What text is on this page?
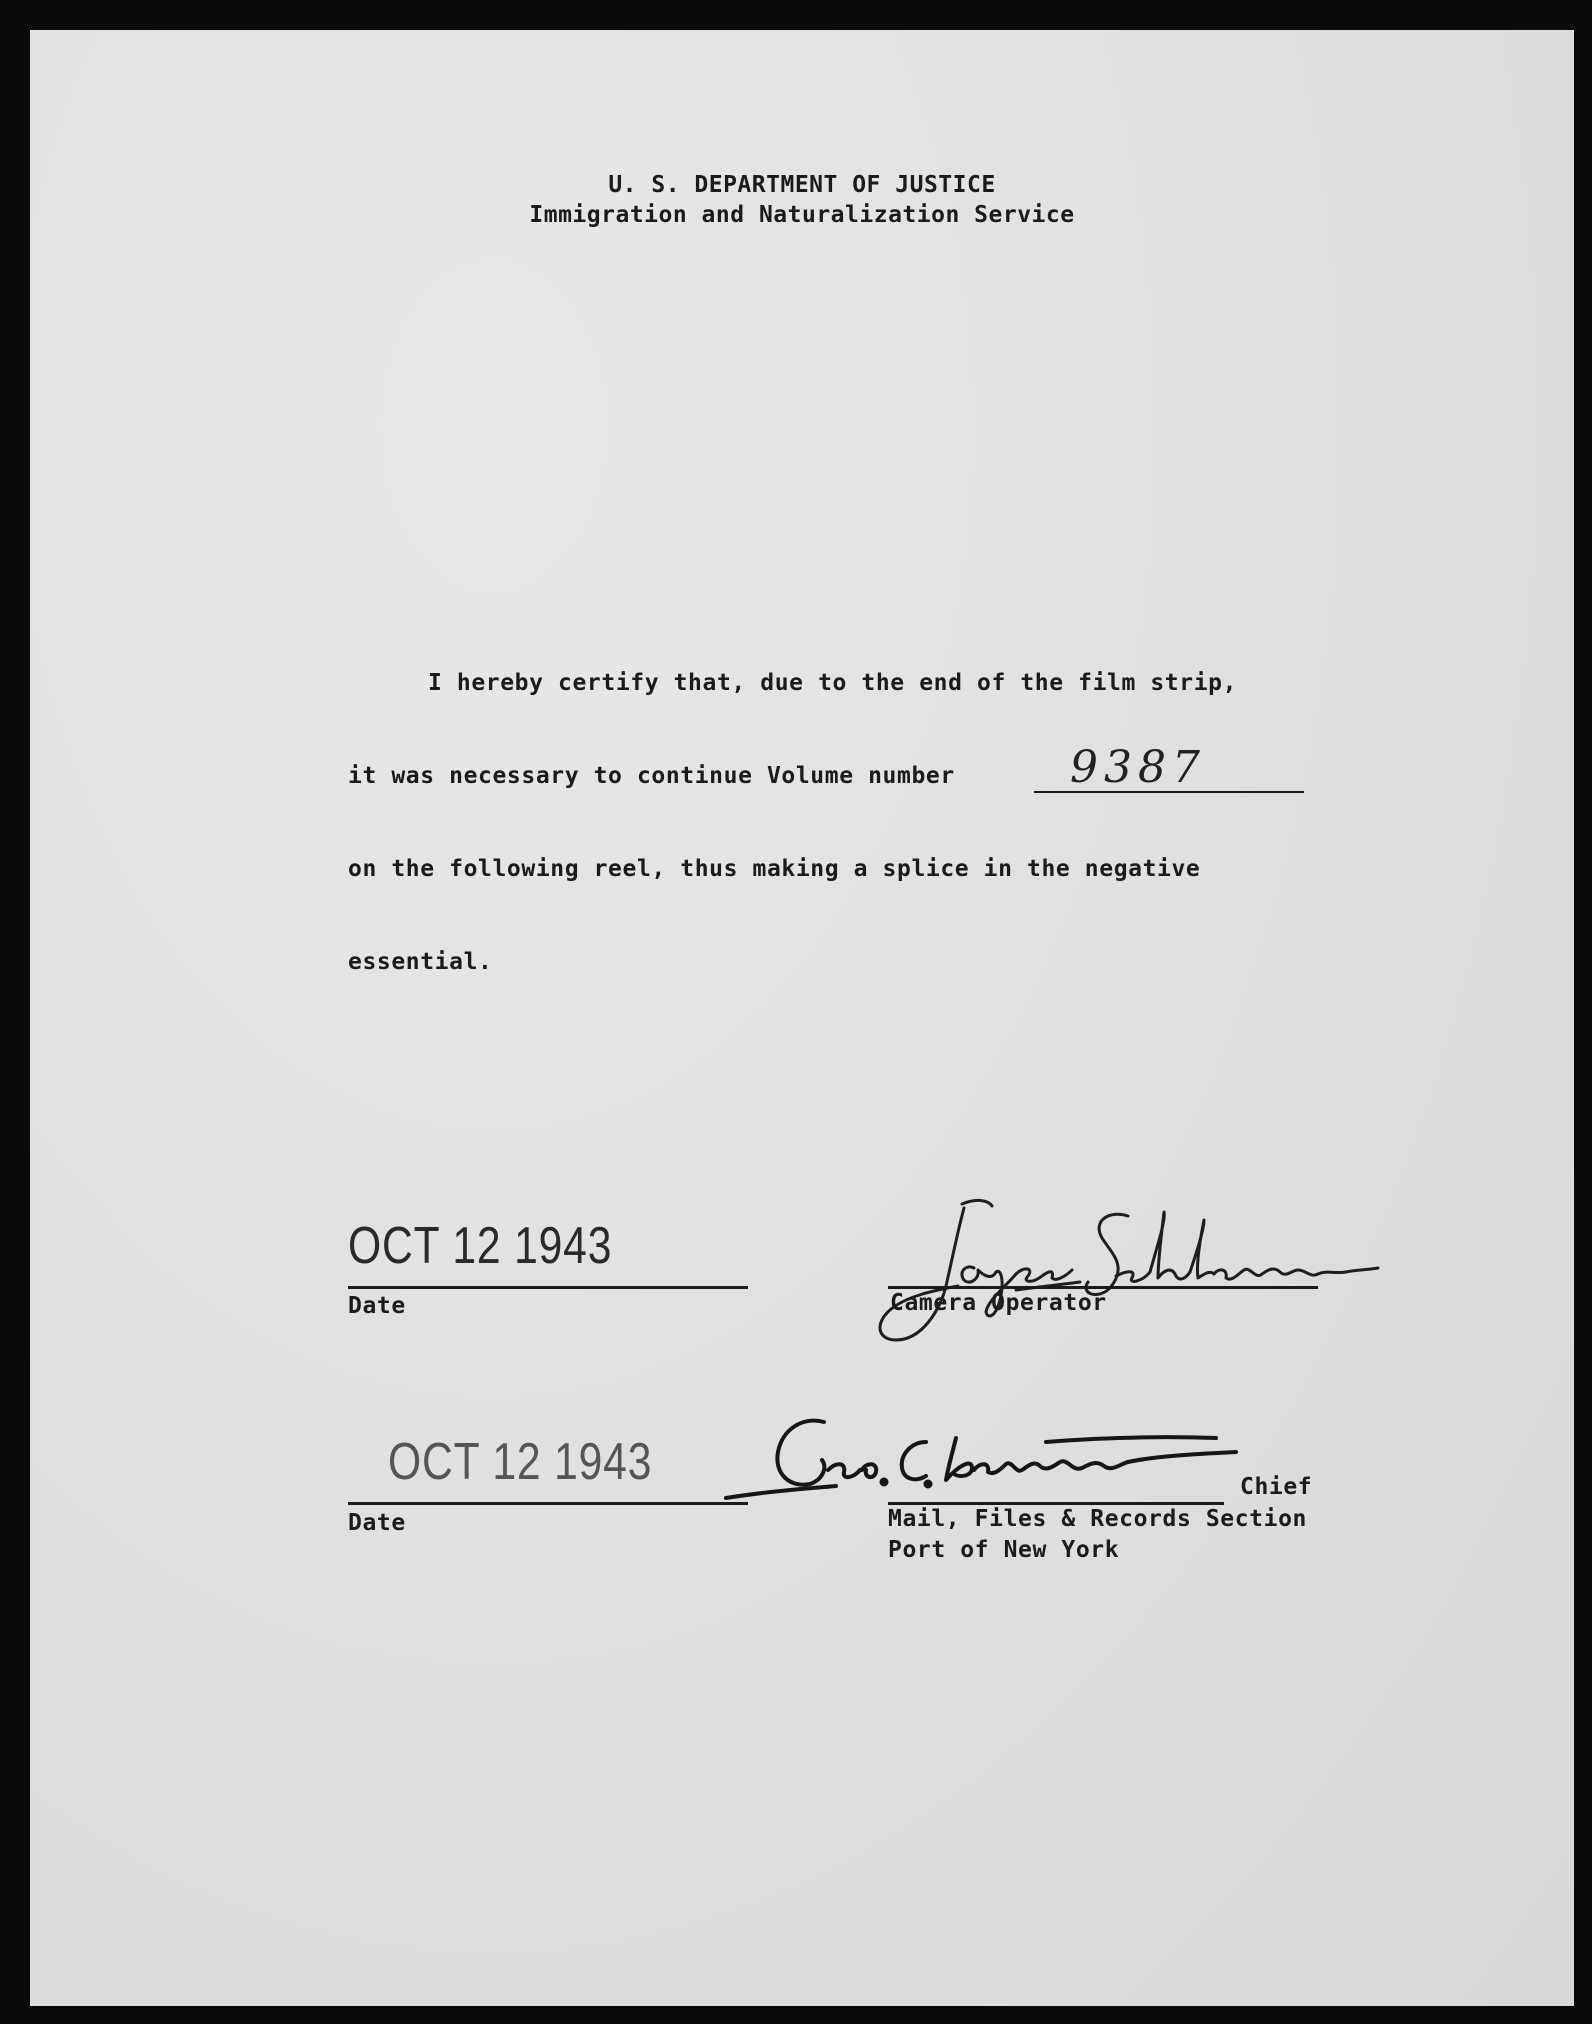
U. S. DEPARTMENT OF JUSTICE
Immigration and Naturalization Service
I hereby certify that, due to the end of the film strip,
it was necessary to continue Volume number	9387
on the following reel, thus making a splice in the negative
essential.
OCT 12 1943
Date	Camera Operator
OCT 12 1943
Date
Chief
Mail, Files & Records Section
Port of New York
